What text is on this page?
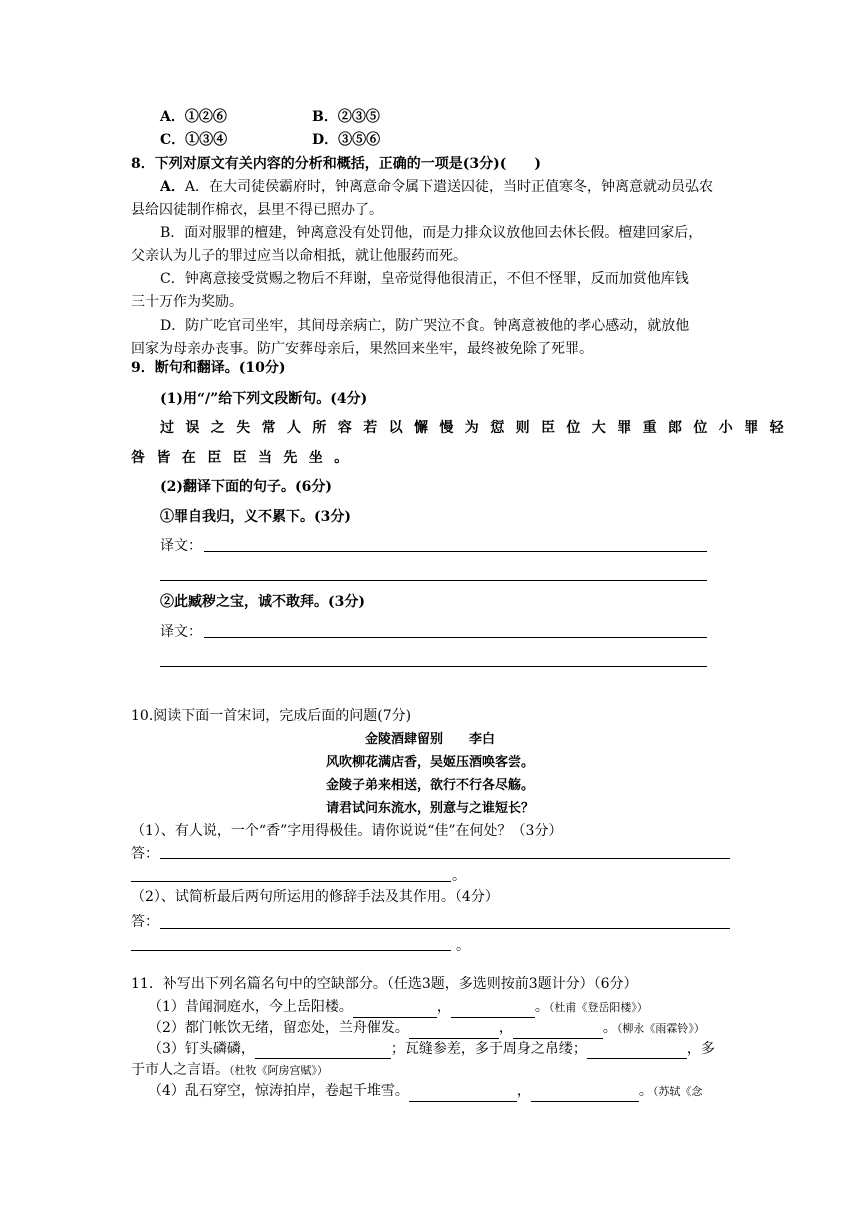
A．①②⑥	B．②③⑤
C．①③④	D．③⑤⑥
8．下列对原文有关内容的分析和概括，正确的一项是(3分)(　　)
A．A．在大司徒侯霸府时，钟离意命令属下遣送囚徒，当时正值寒冬，钟离意就动员弘农
县给囚徒制作棉衣，县里不得已照办了。
B．面对服罪的檀建，钟离意没有处罚他，而是力排众议放他回去休长假。檀建回家后，
父亲认为儿子的罪过应当以命相抵，就让他服药而死。
C．钟离意接受赏赐之物后不拜谢，皇帝觉得他很清正，不但不怪罪，反而加赏他库钱
三十万作为奖励。
D．防广吃官司坐牢，其间母亲病亡，防广哭泣不食。钟离意被他的孝心感动，就放他
回家为母亲办丧事。防广安葬母亲后，果然回来坐牢，最终被免除了死罪。
9．断句和翻译。(10分)
(1)用“/”给下列文段断句。(4分)
过误之失常人所容若以懈慢为愆则臣位大罪重郎位小罪轻
咎皆在臣臣当先坐。
(2)翻译下面的句子。(6分)
①罪自我归，义不累下。(3分)
译文：
②此臧秽之宝，诚不敢拜。(3分)
译文：
10.阅读下面一首宋词，完成后面的问题(7分)
金陵酒肆留别　　李白
风吹柳花满店香，吴姬压酒唤客尝。
金陵子弟来相送，欲行不行各尽觞。
请君试问东流水，别意与之谁短长？
（1）、有人说，一个“香”字用得极佳。请你说说“佳”在何处？（3分）
答：
。
（2）、试简析最后两句所运用的修辞手法及其作用。（4分）
答：
。
11．补写出下列名篇名句中的空缺部分。（任选3题，多选则按前3题计分）（6分）
（1）昔闻洞庭水，今上岳阳楼。	，	。（杜甫《登岳阳楼》）
（2）都门帐饮无绪，留恋处，兰舟催发。	，	。（柳永《雨霖铃》）
（3）钉头磷磷，	；瓦缝参差，多于周身之帛缕；	，多
于市人之言语。（杜牧《阿房宫赋》）
（4）乱石穿空，惊涛拍岸，卷起千堆雪。	，	。（苏轼《念
